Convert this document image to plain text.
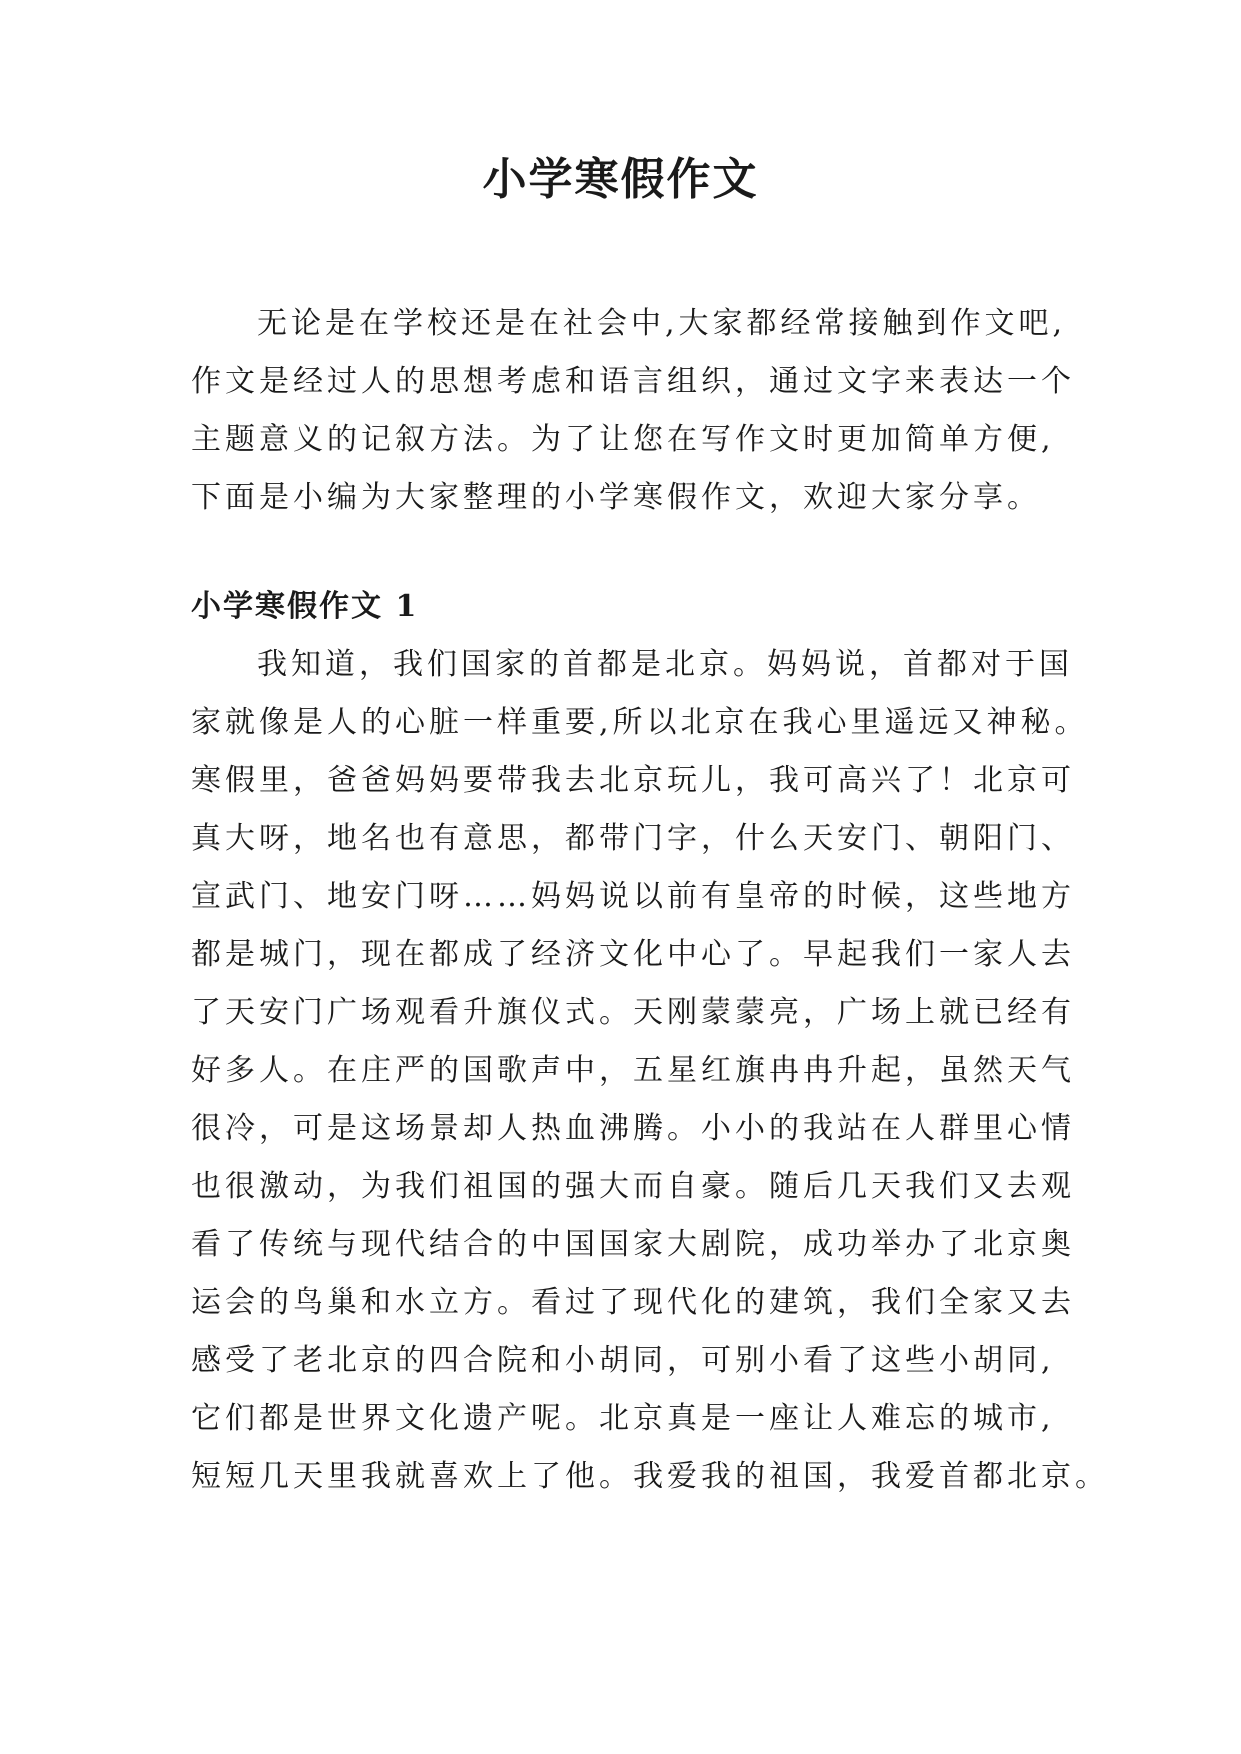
小学寒假作文
无论是在学校还是在社会中,大家都经常接触到作文吧,
作文是经过人的思想考虑和语言组织，通过文字来表达一个
主题意义的记叙方法。为了让您在写作文时更加简单方便,
下面是小编为大家整理的小学寒假作文，欢迎大家分享。
小学寒假作文 1
我知道，我们国家的首都是北京。妈妈说，首都对于国
家就像是人的心脏一样重要,所以北京在我心里遥远又神秘。
寒假里，爸爸妈妈要带我去北京玩儿，我可高兴了！北京可
真大呀，地名也有意思，都带门字，什么天安门、朝阳门、
宣武门、地安门呀……妈妈说以前有皇帝的时候，这些地方
都是城门，现在都成了经济文化中心了。早起我们一家人去
了天安门广场观看升旗仪式。天刚蒙蒙亮，广场上就已经有
好多人。在庄严的国歌声中，五星红旗冉冉升起，虽然天气
很冷，可是这场景却人热血沸腾。小小的我站在人群里心情
也很激动，为我们祖国的强大而自豪。随后几天我们又去观
看了传统与现代结合的中国国家大剧院，成功举办了北京奥
运会的鸟巢和水立方。看过了现代化的建筑，我们全家又去
感受了老北京的四合院和小胡同，可别小看了这些小胡同,
它们都是世界文化遗产呢。北京真是一座让人难忘的城市,
短短几天里我就喜欢上了他。我爱我的祖国，我爱首都北京。
